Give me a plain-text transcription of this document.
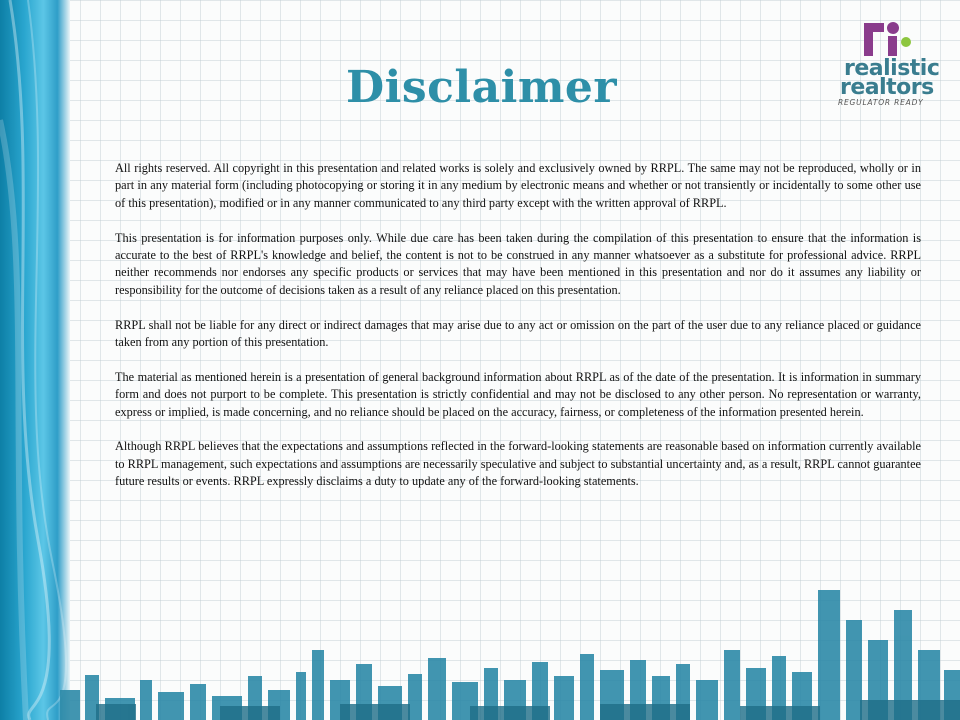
Disclaimer	realistic
realtors
REGULATOR READY

All rights reserved. All copyright in this presentation and related works is solely and exclusively owned by RRPL. The same may not be reproduced, wholly or in part in any material form (including photocopying or storing it in any medium by electronic means and whether or not transiently or incidentally to some other use of this presentation), modified or in any manner communicated to any third party except with the written approval of RRPL.

This presentation is for information purposes only. While due care has been taken during the compilation of this presentation to ensure that the information is accurate to the best of RRPL's knowledge and belief, the content is not to be construed in any manner whatsoever as a substitute for professional advice. RRPL neither recommends nor endorses any specific products or services that may have been mentioned in this presentation and nor do it assumes any liability or responsibility for the outcome of decisions taken as a result of any reliance placed on this presentation.

RRPL shall not be liable for any direct or indirect damages that may arise due to any act or omission on the part of the user due to any reliance placed or guidance taken from any portion of this presentation.

The material as mentioned herein is a presentation of general background information about RRPL as of the date of the presentation. It is information in summary form and does not purport to be complete. This presentation is strictly confidential and may not be disclosed to any other person. No representation or warranty, express or implied, is made concerning, and no reliance should be placed on the accuracy, fairness, or completeness of the information presented herein.

Although RRPL believes that the expectations and assumptions reflected in the forward-looking statements are reasonable based on information currently available to RRPL management, such expectations and assumptions are necessarily speculative and subject to substantial uncertainty and, as a result, RRPL cannot guarantee future results or events. RRPL expressly disclaims a duty to update any of the forward-looking statements.
